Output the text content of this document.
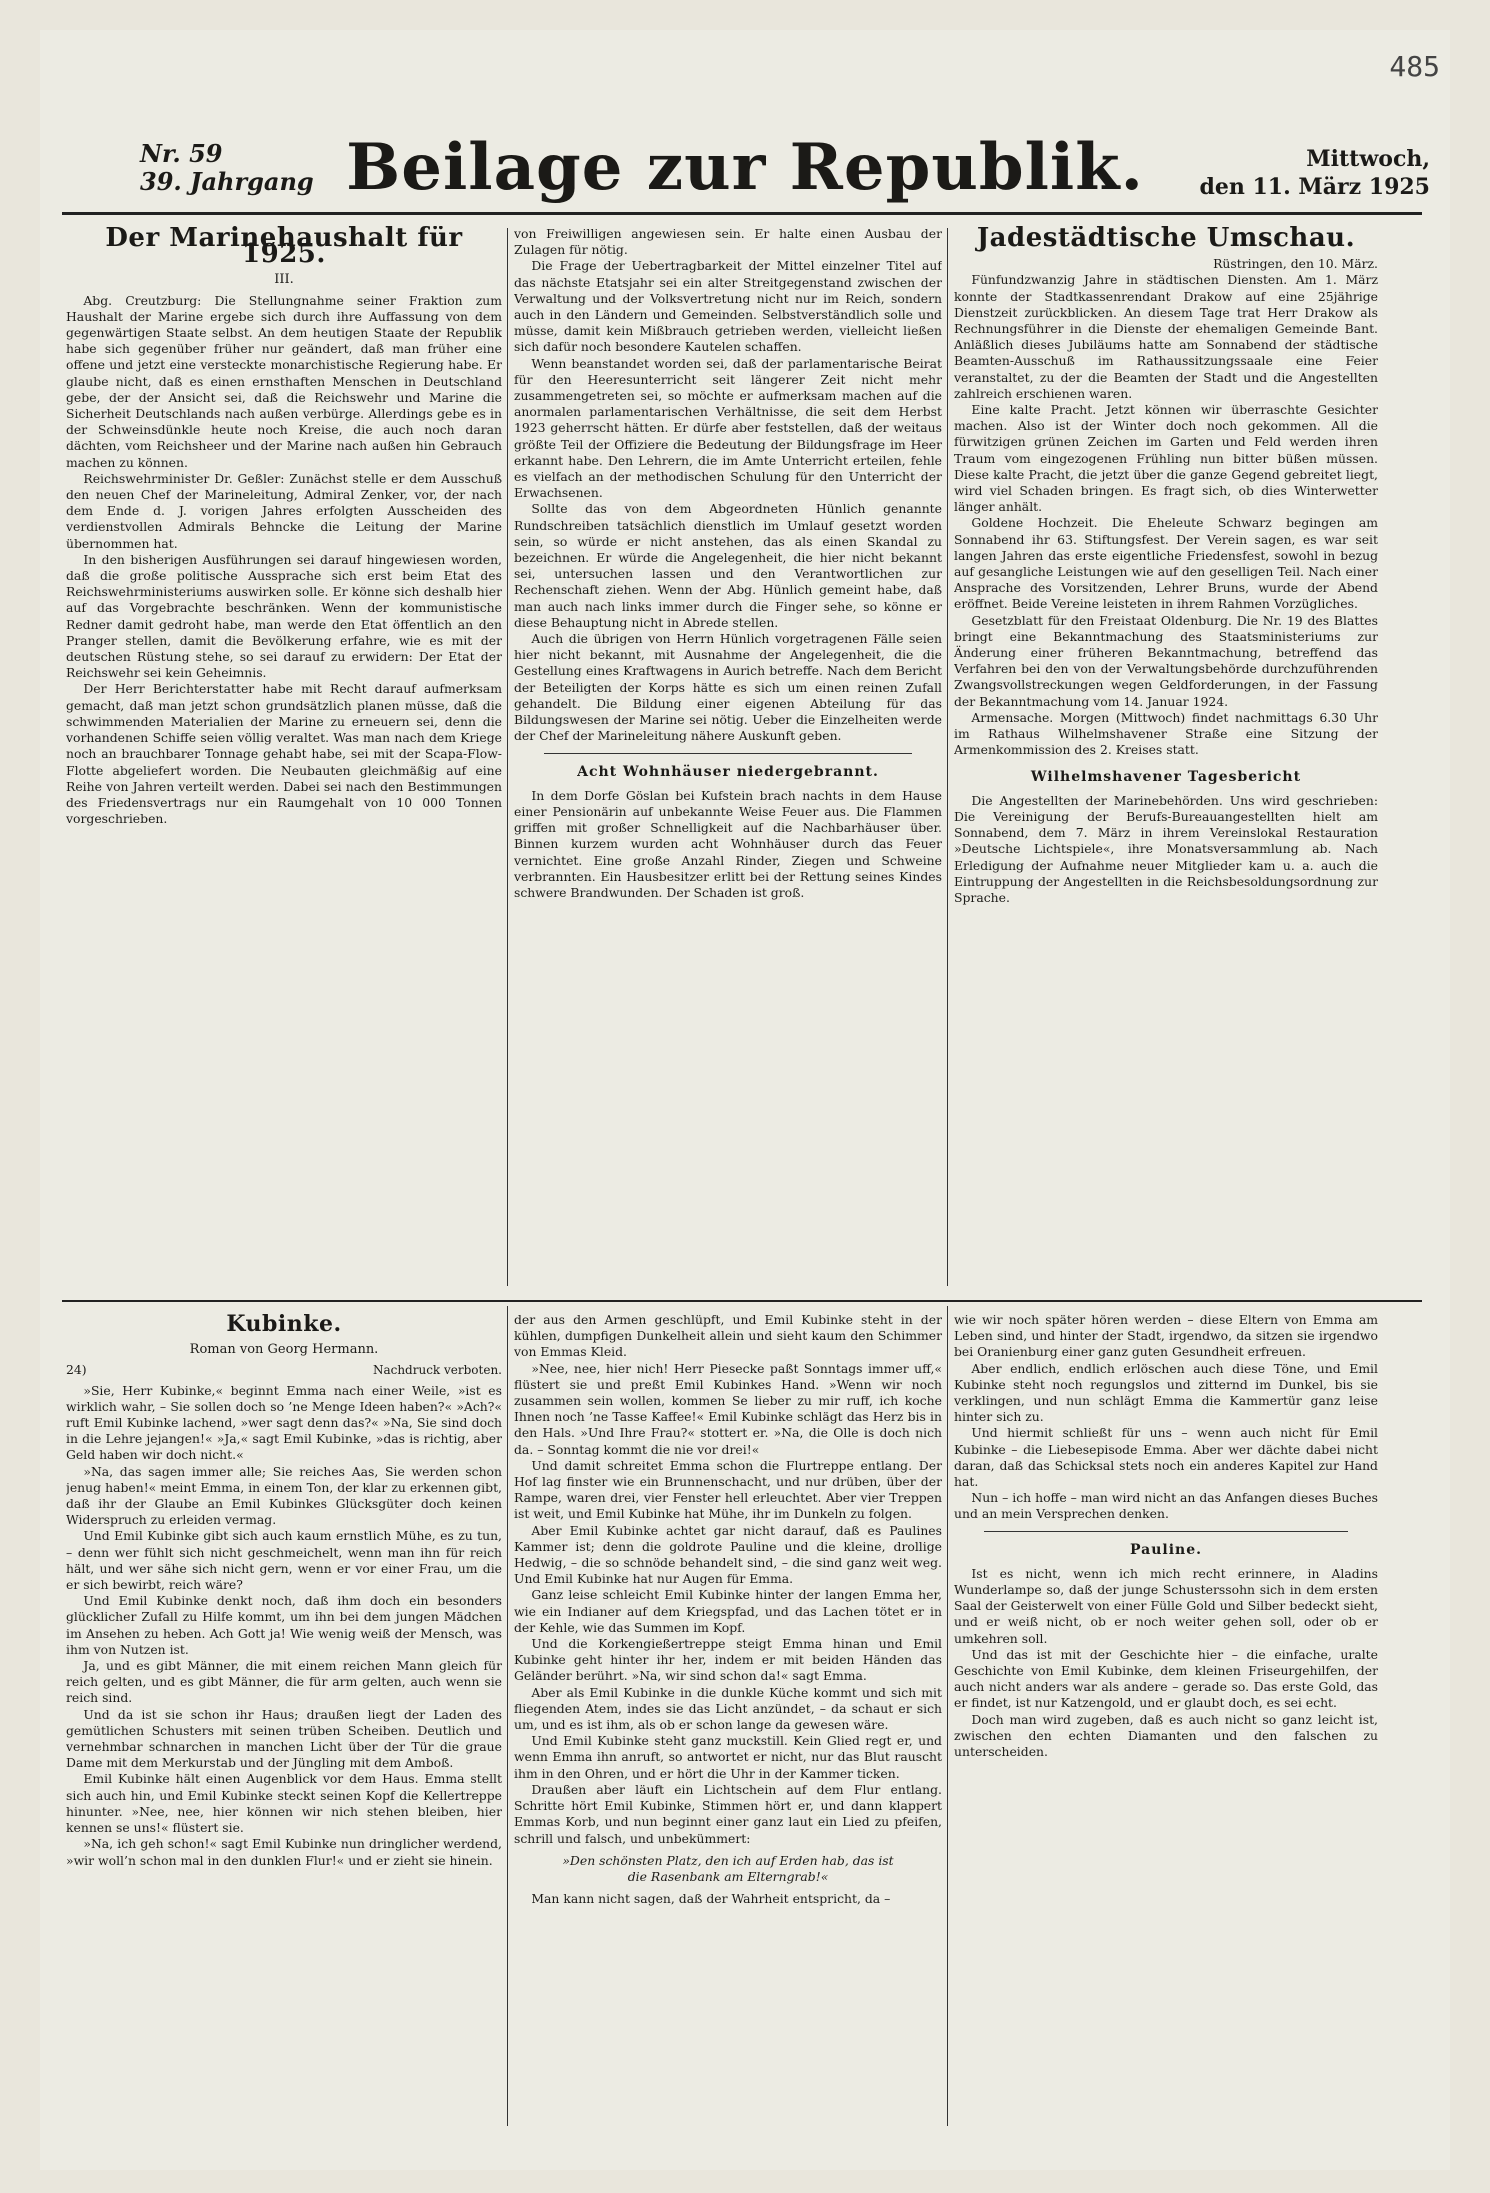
485
Nr. 59
39. Jahrgang Beilage zur Republik.	Mittwoch,
den 11. März 1925
Der Marinehaushalt für 1925.
III.

Abg. Creutzburg: Die Stellungnahme seiner Fraktion zum Haushalt der Marine ergebe sich durch ihre Auffassung von dem gegenwärtigen Staate selbst. An dem heutigen Staate der Republik habe sich gegenüber früher nur geändert, daß man früher eine offene und jetzt eine versteckte monarchistische Regierung habe. Er glaube nicht, daß es einen ernsthaften Menschen in Deutschland gebe, der der Ansicht sei, daß die Reichswehr und Marine die Sicherheit Deutschlands nach außen verbürge. Allerdings gebe es in der Schweinsdünkle heute noch Kreise, die auch noch daran dächten, vom Reichsheer und der Marine nach außen hin Gebrauch machen zu können.

Reichswehrminister Dr. Geßler: Zunächst stelle er dem Ausschuß den neuen Chef der Marineleitung, Admiral Zenker, vor, der nach dem Ende d. J. vorigen Jahres erfolgten Ausscheiden des verdienstvollen Admirals Behncke die Leitung der Marine übernommen hat.

In den bisherigen Ausführungen sei darauf hingewiesen worden, daß die große politische Aussprache sich erst beim Etat des Reichswehrministeriums auswirken solle. Er könne sich deshalb hier auf das Vorgebrachte beschränken. Wenn der kommunistische Redner damit gedroht habe, man werde den Etat öffentlich an den Pranger stellen, damit die Bevölkerung erfahre, wie es mit der deutschen Rüstung stehe, so sei darauf zu erwidern: Der Etat der Reichswehr sei kein Geheimnis.

Der Herr Berichterstatter habe mit Recht darauf aufmerksam gemacht, daß man jetzt schon grundsätzlich planen müsse, daß die schwimmenden Materialien der Marine zu erneuern sei, denn die vorhandenen Schiffe seien völlig veraltet. Was man nach dem Kriege noch an brauchbarer Tonnage gehabt habe, sei mit der Scapa-Flow-Flotte abgeliefert worden. Die Neubauten gleichmäßig auf eine Reihe von Jahren verteilt werden. Dabei sei nach den Bestimmungen des Friedensvertrags nur ein Raumgehalt von 10 000 Tonnen vorgeschrieben.

von Freiwilligen angewiesen sein. Er halte einen Ausbau der Zulagen für nötig.

Die Frage der Uebertragbarkeit der Mittel einzelner Titel auf das nächste Etatsjahr sei ein alter Streitgegenstand zwischen der Verwaltung und der Volksvertretung nicht nur im Reich, sondern auch in den Ländern und Gemeinden. Selbstverständlich solle und müsse, damit kein Mißbrauch getrieben werden, vielleicht ließen sich dafür noch besondere Kautelen schaffen.

Wenn beanstandet worden sei, daß der parlamentarische Beirat für den Heeresunterricht seit längerer Zeit nicht mehr zusammengetreten sei, so möchte er aufmerksam machen auf die anormalen parlamentarischen Verhältnisse, die seit dem Herbst 1923 geherrscht hätten. Er dürfe aber feststellen, daß der weitaus größte Teil der Offiziere die Bedeutung der Bildungsfrage im Heer erkannt habe. Den Lehrern, die im Amte Unterricht erteilen, fehle es vielfach an der methodischen Schulung für den Unterricht der Erwachsenen.

Sollte das von dem Abgeordneten Hünlich genannte Rundschreiben tatsächlich dienstlich im Umlauf gesetzt worden sein, so würde er nicht anstehen, das als einen Skandal zu bezeichnen. Er würde die Angelegenheit, die hier nicht bekannt sei, untersuchen lassen und den Verantwortlichen zur Rechenschaft ziehen. Wenn der Abg. Hünlich gemeint habe, daß man auch nach links immer durch die Finger sehe, so könne er diese Behauptung nicht in Abrede stellen.

Auch die übrigen von Herrn Hünlich vorgetragenen Fälle seien hier nicht bekannt, mit Ausnahme der Angelegenheit, die die Gestellung eines Kraftwagens in Aurich betreffe. Nach dem Bericht der Beteiligten der Korps hätte es sich um einen reinen Zufall gehandelt. Die Bildung einer eigenen Abteilung für das Bildungswesen der Marine sei nötig. Ueber die Einzelheiten werde der Chef der Marineleitung nähere Auskunft geben.

Acht Wohnhäuser niedergebrannt.

In dem Dorfe Göslan bei Kufstein brach nachts in dem Hause einer Pensionärin auf unbekannte Weise Feuer aus. Die Flammen griffen mit großer Schnelligkeit auf die Nachbarhäuser über. Binnen kurzem wurden acht Wohnhäuser durch das Feuer vernichtet. Eine große Anzahl Rinder, Ziegen und Schweine verbrannten. Ein Hausbesitzer erlitt bei der Rettung seines Kindes schwere Brandwunden. Der Schaden ist groß.

Jadestädtische Umschau.
Rüstringen, den 10. März.

Fünfundzwanzig Jahre in städtischen Diensten. Am 1. März konnte der Stadtkassenrendant Drakow auf eine 25jährige Dienstzeit zurückblicken. An diesem Tage trat Herr Drakow als Rechnungsführer in die Dienste der ehemaligen Gemeinde Bant. Anläßlich dieses Jubiläums hatte am Sonnabend der städtische Beamten-Ausschuß im Rathaussitzungssaale eine Feier veranstaltet, zu der die Beamten der Stadt und die Angestellten zahlreich erschienen waren.

Eine kalte Pracht. Jetzt können wir überraschte Gesichter machen. Also ist der Winter doch noch gekommen. All die fürwitzigen grünen Zeichen im Garten und Feld werden ihren Traum vom eingezogenen Frühling nun bitter büßen müssen. Diese kalte Pracht, die jetzt über die ganze Gegend gebreitet liegt, wird viel Schaden bringen. Es fragt sich, ob dies Winterwetter länger anhält.

Goldene Hochzeit. Die Eheleute Schwarz begingen am Sonnabend ihr 63. Stiftungsfest. Der Verein sagen, es war seit langen Jahren das erste eigentliche Friedensfest, sowohl in bezug auf gesangliche Leistungen wie auf den geselligen Teil. Nach einer Ansprache des Vorsitzenden, Lehrer Bruns, wurde der Abend eröffnet. Beide Vereine leisteten in ihrem Rahmen Vorzügliches.

Gesetzblatt für den Freistaat Oldenburg. Die Nr. 19 des Blattes bringt eine Bekanntmachung des Staatsministeriums zur Änderung einer früheren Bekanntmachung, betreffend das Verfahren bei den von der Verwaltungsbehörde durchzuführenden Zwangsvollstreckungen wegen Geldforderungen, in der Fassung der Bekanntmachung vom 14. Januar 1924.

Armensache. Morgen (Mittwoch) findet nachmittags 6.30 Uhr im Rathaus Wilhelmshavener Straße eine Sitzung der Armenkommission des 2. Kreises statt.

Wilhelmshavener Tagesbericht

Die Angestellten der Marinebehörden. Uns wird geschrieben: Die Vereinigung der Berufs-Bureauangestellten hielt am Sonnabend, dem 7. März in ihrem Vereinslokal Restauration »Deutsche Lichtspiele«, ihre Monatsversammlung ab. Nach Erledigung der Aufnahme neuer Mitglieder kam u. a. auch die Eintruppung der Angestellten in die Reichsbesoldungsordnung zur Sprache.

Kubinke.
Roman von Georg Hermann.
24)	Nachdruck verboten.

»Sie, Herr Kubinke,« beginnt Emma nach einer Weile, »ist es wirklich wahr, – Sie sollen doch so ’ne Menge Ideen haben?« »Ach?« ruft Emil Kubinke lachend, »wer sagt denn das?« »Na, Sie sind doch in die Lehre jejangen!« »Ja,« sagt Emil Kubinke, »das is richtig, aber Geld haben wir doch nicht.«

»Na, das sagen immer alle; Sie reiches Aas, Sie werden schon jenug haben!« meint Emma, in einem Ton, der klar zu erkennen gibt, daß ihr der Glaube an Emil Kubinkes Glücksgüter doch keinen Widerspruch zu erleiden vermag.

Und Emil Kubinke gibt sich auch kaum ernstlich Mühe, es zu tun, – denn wer fühlt sich nicht geschmeichelt, wenn man ihn für reich hält, und wer sähe sich nicht gern, wenn er vor einer Frau, um die er sich bewirbt, reich wäre?

Und Emil Kubinke denkt noch, daß ihm doch ein besonders glücklicher Zufall zu Hilfe kommt, um ihn bei dem jungen Mädchen im Ansehen zu heben. Ach Gott ja! Wie wenig weiß der Mensch, was ihm von Nutzen ist.

Ja, und es gibt Männer, die mit einem reichen Mann gleich für reich gelten, und es gibt Männer, die für arm gelten, auch wenn sie reich sind.

Und da ist sie schon ihr Haus; draußen liegt der Laden des gemütlichen Schusters mit seinen trüben Scheiben. Deutlich und vernehmbar schnarchen in manchen Licht über der Tür die graue Dame mit dem Merkurstab und der Jüngling mit dem Amboß.

Emil Kubinke hält einen Augenblick vor dem Haus. Emma stellt sich auch hin, und Emil Kubinke steckt seinen Kopf die Kellertreppe hinunter. »Nee, nee, hier können wir nich stehen bleiben, hier kennen se uns!« flüstert sie.

»Na, ich geh schon!« sagt Emil Kubinke nun dringlicher werdend, »wir woll’n schon mal in den dunklen Flur!« und er zieht sie hinein.

der aus den Armen geschlüpft, und Emil Kubinke steht in der kühlen, dumpfigen Dunkelheit allein und sieht kaum den Schimmer von Emmas Kleid.

»Nee, nee, hier nich! Herr Piesecke paßt Sonntags immer uff,« flüstert sie und preßt Emil Kubinkes Hand. »Wenn wir noch zusammen sein wollen, kommen Se lieber zu mir ruff, ich koche Ihnen noch ’ne Tasse Kaffee!« Emil Kubinke schlägt das Herz bis in den Hals. »Und Ihre Frau?« stottert er. »Na, die Olle is doch nich da. – Sonntag kommt die nie vor drei!«

Und damit schreitet Emma schon die Flurtreppe entlang. Der Hof lag finster wie ein Brunnenschacht, und nur drüben, über der Rampe, waren drei, vier Fenster hell erleuchtet. Aber vier Treppen ist weit, und Emil Kubinke hat Mühe, ihr im Dunkeln zu folgen.

Aber Emil Kubinke achtet gar nicht darauf, daß es Paulines Kammer ist; denn die goldrote Pauline und die kleine, drollige Hedwig, – die so schnöde behandelt sind, – die sind ganz weit weg. Und Emil Kubinke hat nur Augen für Emma.

Ganz leise schleicht Emil Kubinke hinter der langen Emma her, wie ein Indianer auf dem Kriegspfad, und das Lachen tötet er in der Kehle, wie das Summen im Kopf.

Und die Korkengießertreppe steigt Emma hinan und Emil Kubinke geht hinter ihr her, indem er mit beiden Händen das Geländer berührt. »Na, wir sind schon da!« sagt Emma.

Aber als Emil Kubinke in die dunkle Küche kommt und sich mit fliegenden Atem, indes sie das Licht anzündet, – da schaut er sich um, und es ist ihm, als ob er schon lange da gewesen wäre.

Und Emil Kubinke steht ganz muckstill. Kein Glied regt er, und wenn Emma ihn anruft, so antwortet er nicht, nur das Blut rauscht ihm in den Ohren, und er hört die Uhr in der Kammer ticken.

Draußen aber läuft ein Lichtschein auf dem Flur entlang. Schritte hört Emil Kubinke, Stimmen hört er, und dann klappert Emmas Korb, und nun beginnt einer ganz laut ein Lied zu pfeifen, schrill und falsch, und unbekümmert:

»Den schönsten Platz, den ich auf Erden hab, das ist die Rasenbank am Elterngrab!«

Man kann nicht sagen, daß der Wahrheit entspricht, da –

wie wir noch später hören werden – diese Eltern von Emma am Leben sind, und hinter der Stadt, irgendwo, da sitzen sie irgendwo bei Oranienburg einer ganz guten Gesundheit erfreuen.

Aber endlich, endlich erlöschen auch diese Töne, und Emil Kubinke steht noch regungslos und zitternd im Dunkel, bis sie verklingen, und nun schlägt Emma die Kammertür ganz leise hinter sich zu.

Und hiermit schließt für uns – wenn auch nicht für Emil Kubinke – die Liebesepisode Emma. Aber wer dächte dabei nicht daran, daß das Schicksal stets noch ein anderes Kapitel zur Hand hat.

Nun – ich hoffe – man wird nicht an das Anfangen dieses Buches und an mein Versprechen denken.

Pauline.

Ist es nicht, wenn ich mich recht erinnere, in Aladins Wunderlampe so, daß der junge Schusterssohn sich in dem ersten Saal der Geisterwelt von einer Fülle Gold und Silber bedeckt sieht, und er weiß nicht, ob er noch weiter gehen soll, oder ob er umkehren soll.

Und das ist mit der Geschichte hier – die einfache, uralte Geschichte von Emil Kubinke, dem kleinen Friseurgehilfen, der auch nicht anders war als andere – gerade so. Das erste Gold, das er findet, ist nur Katzengold, und er glaubt doch, es sei echt.

Doch man wird zugeben, daß es auch nicht so ganz leicht ist, zwischen den echten Diamanten und den falschen zu unterscheiden.
